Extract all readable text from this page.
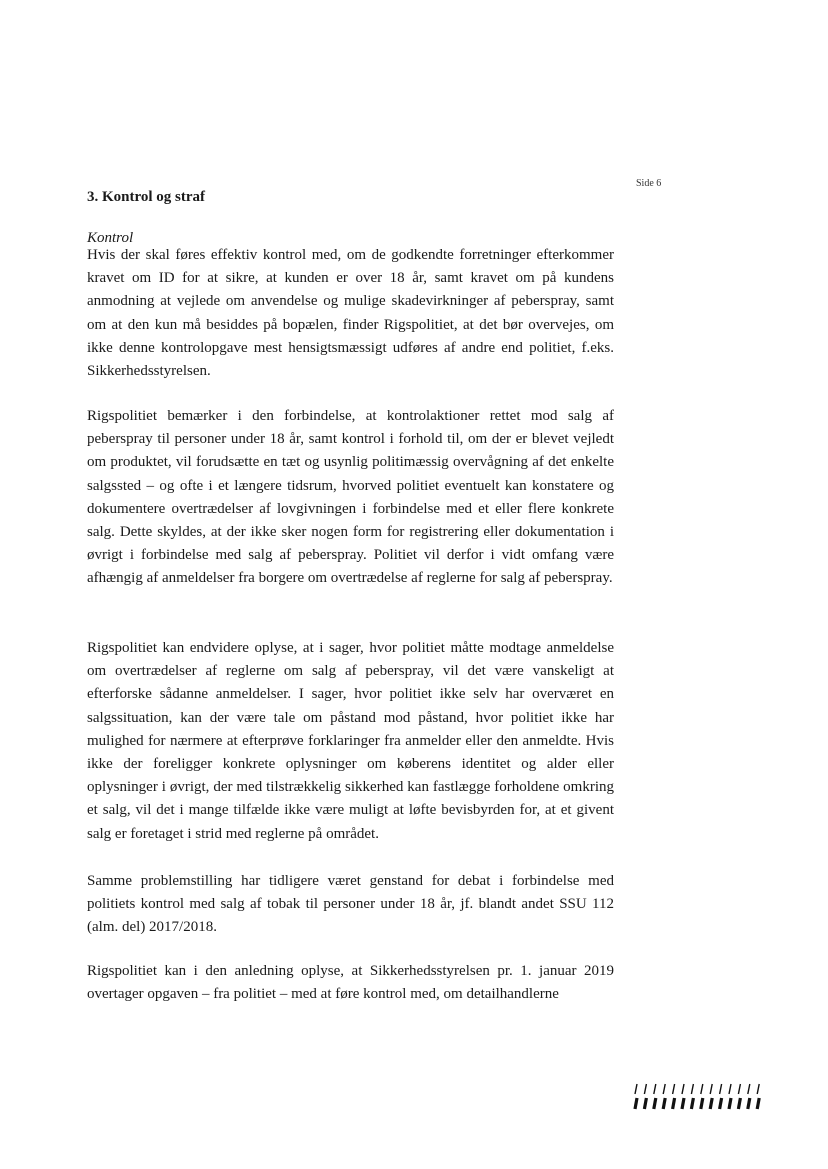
Side 6
3. Kontrol og straf

Kontrol

Hvis der skal føres effektiv kontrol med, om de godkendte forretninger efterkommer kravet om ID for at sikre, at kunden er over 18 år, samt kravet om på kundens anmodning at vejlede om anvendelse og mulige skadevirkninger af peberspray, samt om at den kun må besiddes på bopælen, finder Rigspolitiet, at det bør overvejes, om ikke denne kontrolopgave mest hensigtsmæssigt udføres af andre end politiet, f.eks. Sikkerhedsstyrelsen.

Rigspolitiet bemærker i den forbindelse, at kontrolaktioner rettet mod salg af peberspray til personer under 18 år, samt kontrol i forhold til, om der er blevet vejledt om produktet, vil forudsætte en tæt og usynlig politimæssig overvågning af det enkelte salgssted – og ofte i et længere tidsrum, hvorved politiet eventuelt kan konstatere og dokumentere overtrædelser af lovgivningen i forbindelse med et eller flere konkrete salg. Dette skyldes, at der ikke sker nogen form for registrering eller dokumentation i øvrigt i forbindelse med salg af peberspray. Politiet vil derfor i vidt omfang være afhængig af anmeldelser fra borgere om overtrædelse af reglerne for salg af peberspray.

Rigspolitiet kan endvidere oplyse, at i sager, hvor politiet måtte modtage anmeldelse om overtrædelser af reglerne om salg af peberspray, vil det være vanskeligt at efterforske sådanne anmeldelser. I sager, hvor politiet ikke selv har overværet en salgssituation, kan der være tale om påstand mod påstand, hvor politiet ikke har mulighed for nærmere at efterprøve forklaringer fra anmelder eller den anmeldte. Hvis ikke der foreligger konkrete oplysninger om køberens identitet og alder eller oplysninger i øvrigt, der med tilstrækkelig sikkerhed kan fastlægge forholdene omkring et salg, vil det i mange tilfælde ikke være muligt at løfte bevisbyrden for, at et givent salg er foretaget i strid med reglerne på området.

Samme problemstilling har tidligere været genstand for debat i forbindelse med politiets kontrol med salg af tobak til personer under 18 år, jf. blandt andet SSU 112 (alm. del) 2017/2018.

Rigspolitiet kan i den anledning oplyse, at Sikkerhedsstyrelsen pr. 1. januar 2019 overtager opgaven – fra politiet – med at føre kontrol med, om detailhandlerne
